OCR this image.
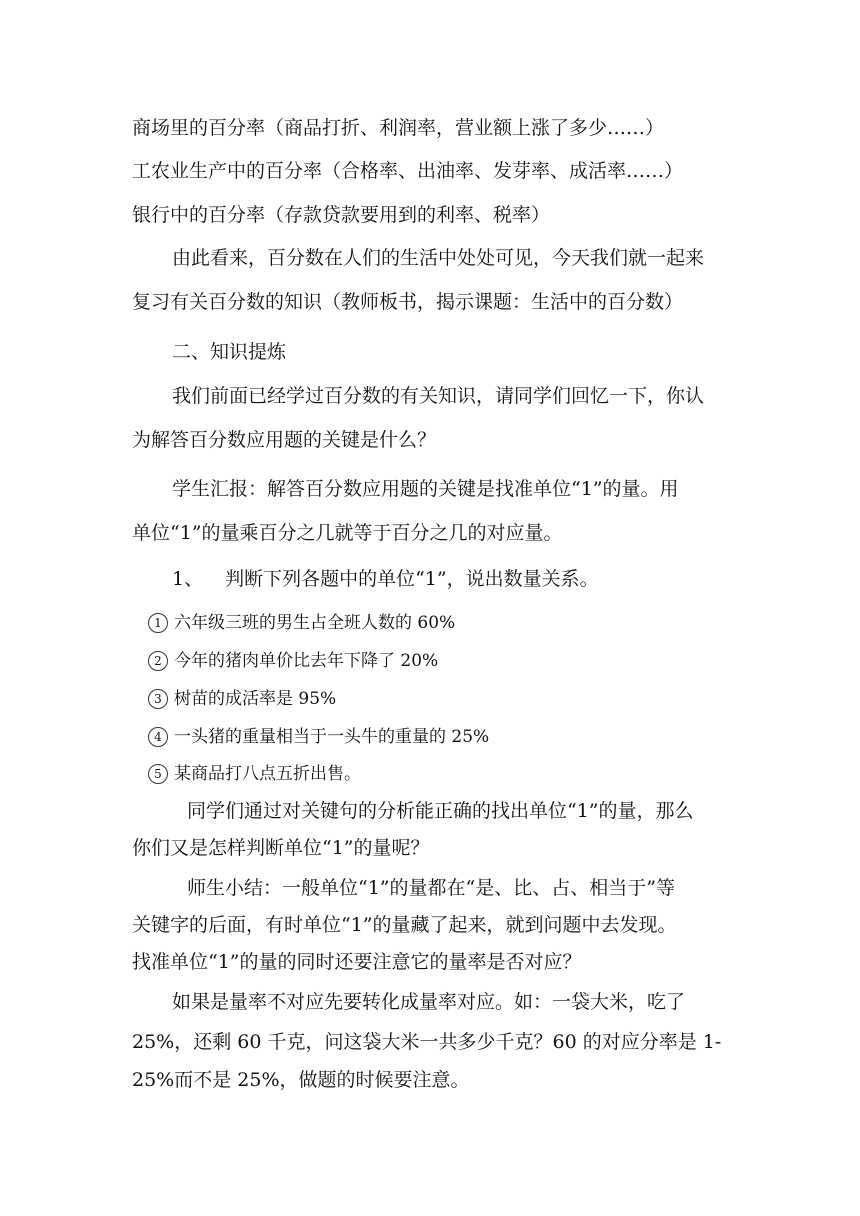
商场里的百分率（商品打折、利润率，营业额上涨了多少……）
工农业生产中的百分率（合格率、出油率、发芽率、成活率……）
银行中的百分率（存款贷款要用到的利率、税率）
由此看来，百分数在人们的生活中处处可见，今天我们就一起来
复习有关百分数的知识（教师板书，揭示课题：生活中的百分数）
二、知识提炼
我们前面已经学过百分数的有关知识，请同学们回忆一下，你认
为解答百分数应用题的关键是什么？
学生汇报：解答百分数应用题的关键是找准单位“1”的量。用
单位“1”的量乘百分之几就等于百分之几的对应量。
1、 判断下列各题中的单位“1”，说出数量关系。
1 六年级三班的男生占全班人数的 60%
2 今年的猪肉单价比去年下降了 20%
3 树苗的成活率是 95%
4 一头猪的重量相当于一头牛的重量的 25%
5 某商品打八点五折出售。
同学们通过对关键句的分析能正确的找出单位“1”的量，那么
你们又是怎样判断单位“1”的量呢？
师生小结：一般单位“1”的量都在“是、比、占、相当于”等
关键字的后面，有时单位“1”的量藏了起来，就到问题中去发现。
找准单位“1”的量的同时还要注意它的量率是否对应？
如果是量率不对应先要转化成量率对应。如：一袋大米，吃了
25%，还剩 60 千克，问这袋大米一共多少千克？60 的对应分率是 1-
25%而不是 25%，做题的时候要注意。
